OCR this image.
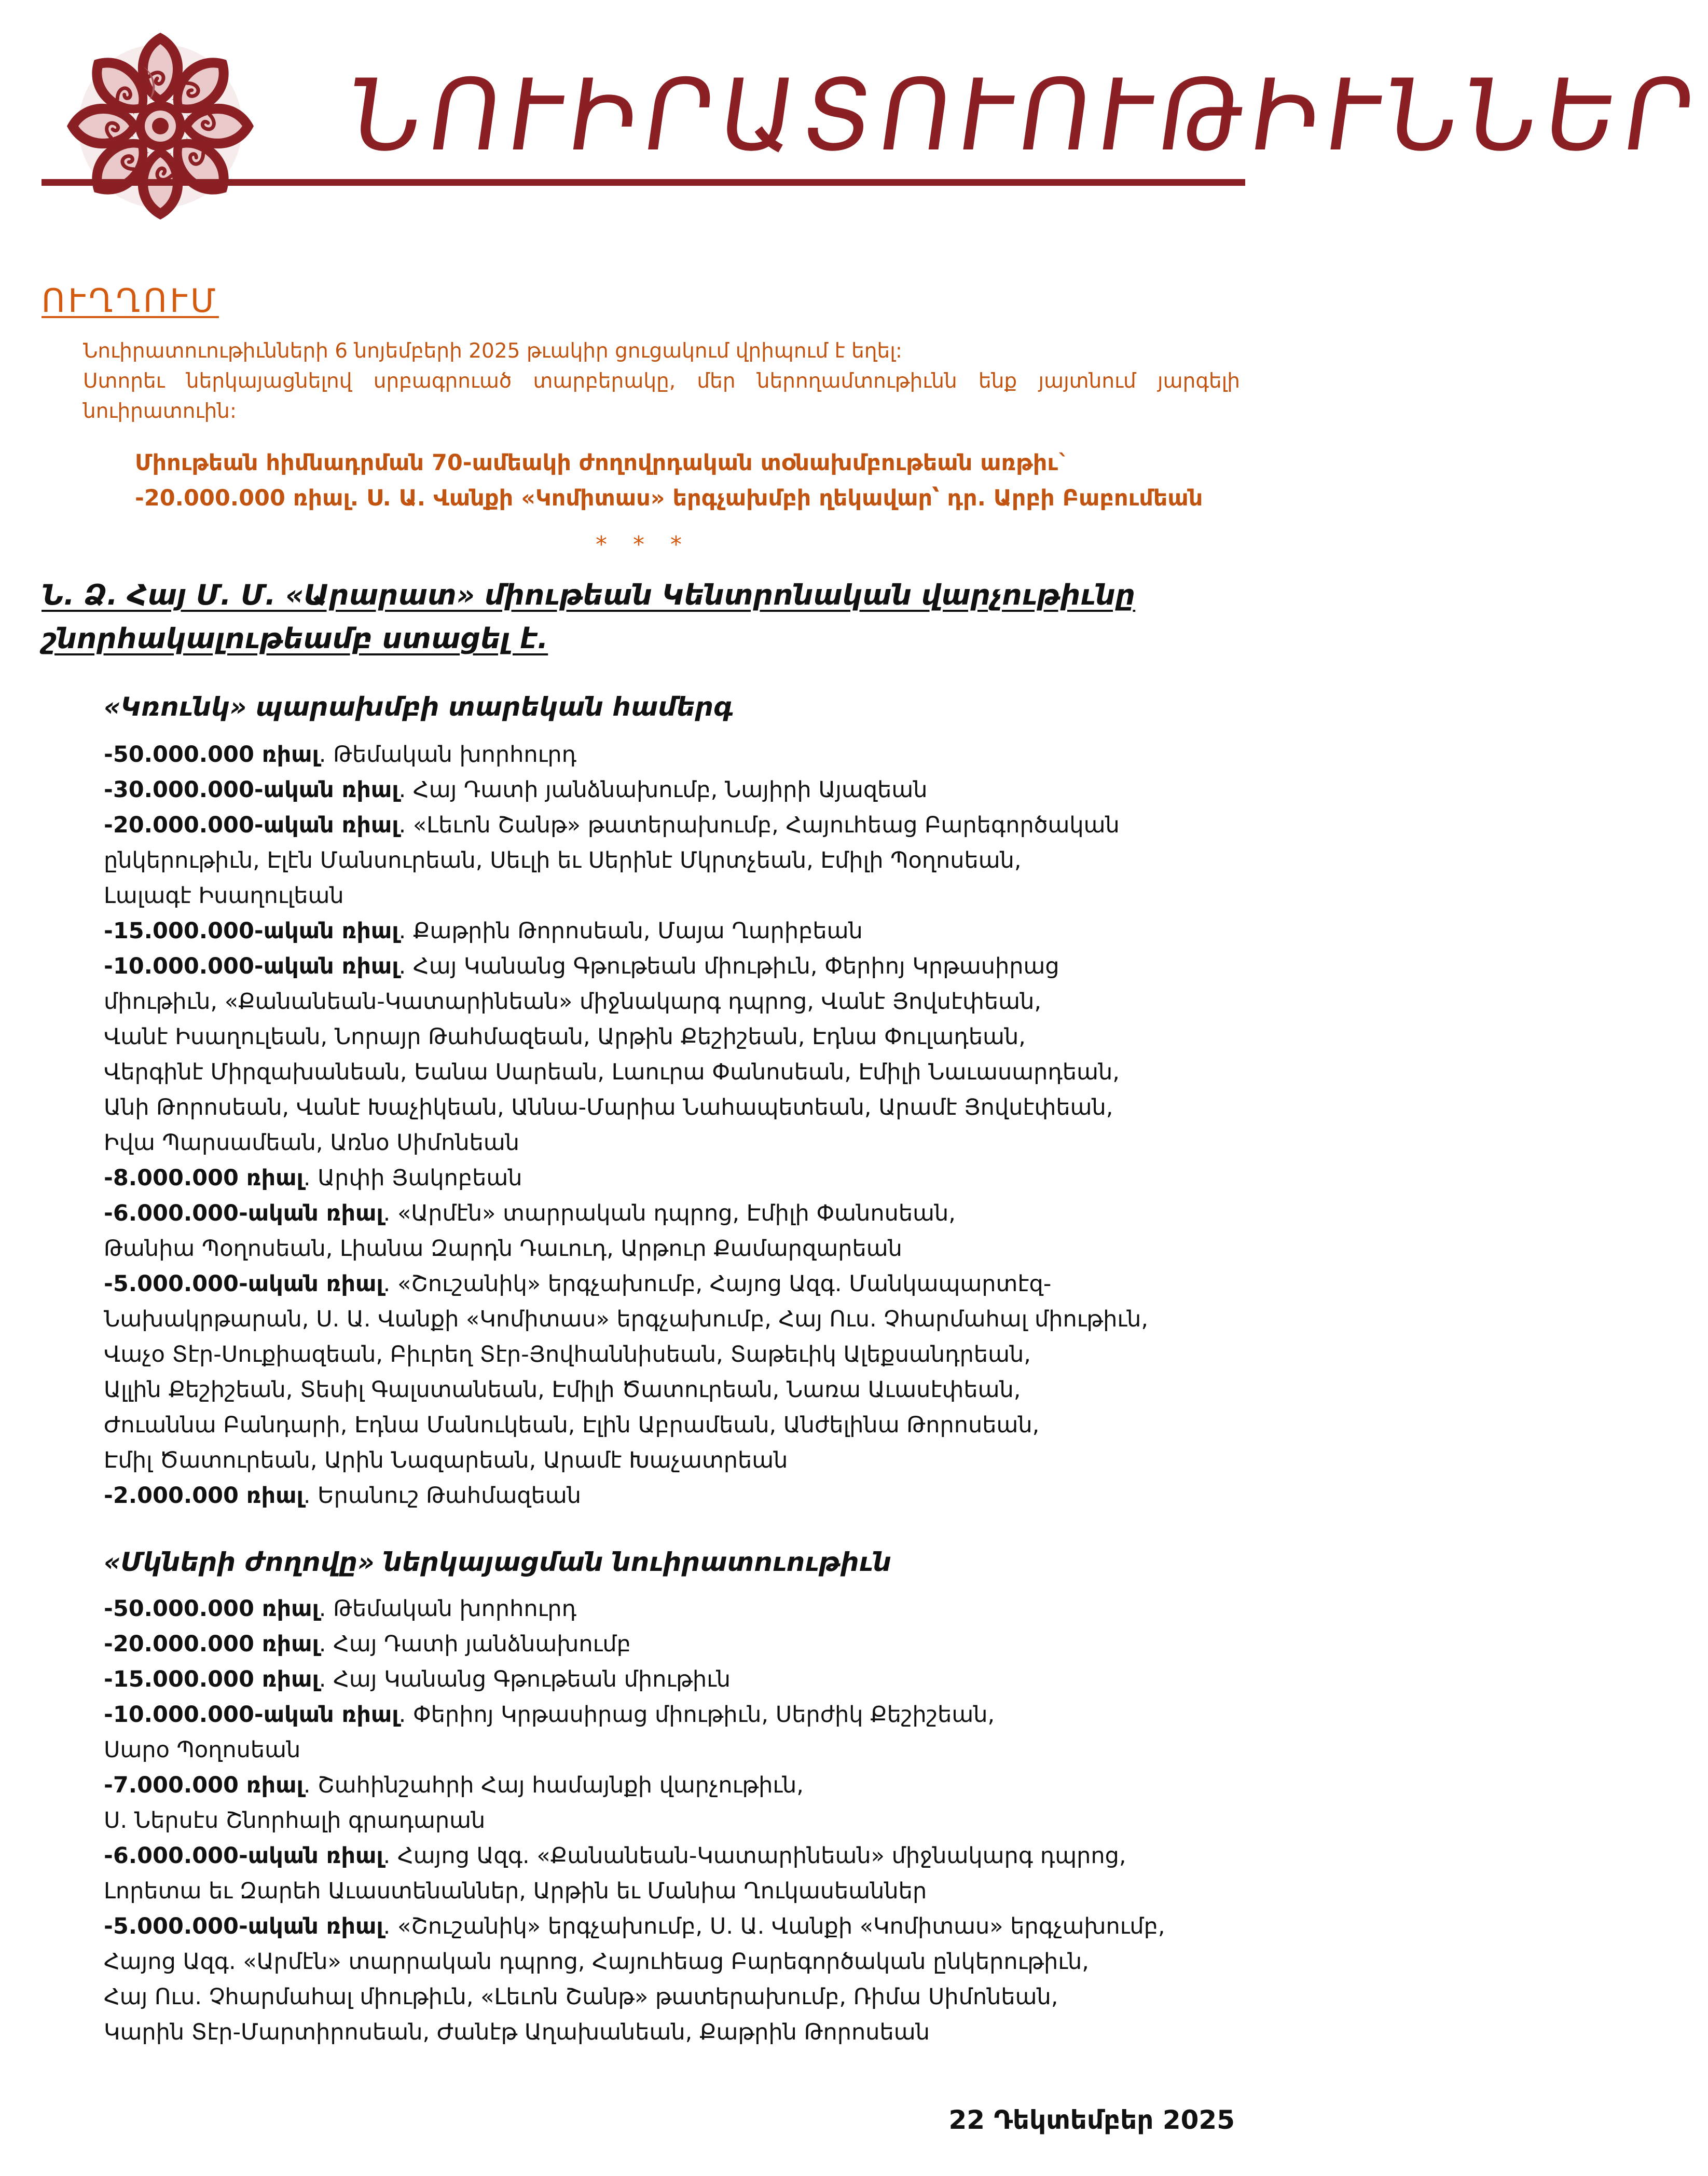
ՆՈՒԻՐԱՏՈՒՈՒԹԻՒՆՆԵՐ
ՈՒՂՂՈՒՄ

Նուիրատուութիւնների 6 նոյեմբերի 2025 թւակիր ցուցակում վրիպում է եղել:

Ստորեւ ներկայացնելով սրբագրուած տարբերակը, մեր ներողամտութիւնն ենք յայտնում յարգելի նուիրատուին:

Միութեան հիմնադրման 70-ամեակի ժողովրդական տօնախմբութեան առթիւ`

-20.000.000 ռիալ. Ս. Ա. Վանքի «Կոմիտաս» երգչախմբի ղեկավար՝ դր. Արբի Բաբումեան

* * *
Ն. Ձ. Հայ Մ. Մ. «Արարատ» միութեան Կենտրոնական վարչութիւնը
շնորհակալութեամբ ստացել է.
«Կռունկ» պարախմբի տարեկան համերգ

-50.000.000 ռիալ. Թեմական խորհուրդ

-30.000.000-ական ռիալ. Հայ Դատի յանձնախումբ, Նայիրի Այազեան

-20.000.000-ական ռիալ. «Լեւոն Շանթ» թատերախումբ, Հայուհեաց Բարեգործական
ընկերութիւն, Էլէն Մանսուրեան, Սեւլի եւ Սերինէ Մկրտչեան, Էմիլի Պօղոսեան,
Լալագէ Իսաղուլեան

-15.000.000-ական ռիալ. Քաթրին Թորոսեան, Մայա Ղարիբեան

-10.000.000-ական ռիալ. Հայ Կանանց Գթութեան միութիւն, Փերիոյ Կրթասիրաց
միութիւն, «Քանանեան-Կատարինեան» միջնակարգ դպրոց, Վանէ Յովսէփեան,
Վանէ Իսաղուլեան, Նորայր Թահմազեան, Արթին Քեշիշեան, Էդնա Փուլադեան,
Վերգինէ Միրզախանեան, Եանա Սարեան, Լաուրա Փանոսեան, Էմիլի Նաւասարդեան,
Անի Թորոսեան, Վանէ Խաչիկեան, Աննա-Մարիա Նահապետեան, Արամէ Յովսէփեան,
Իվա Պարսամեան, Առնօ Սիմոնեան

-8.000.000 ռիալ. Արփի Յակոբեան

-6.000.000-ական ռիալ. «Արմէն» տարրական դպրոց, Էմիլի Փանոսեան,
Թանիա Պօղոսեան, Լիանա Զարդն Դաւուդ, Արթուր Քամարզարեան

-5.000.000-ական ռիալ. «Շուշանիկ» երգչախումբ, Հայոց Ազգ. Մանկապարտէզ-
Նախակրթարան, Ս. Ա. Վանքի «Կոմիտաս» երգչախումբ, Հայ Ուս. Չհարմահալ միութիւն,
Վաչօ Տէր-Սուքիազեան, Բիւրեղ Տէր-Յովհաննիսեան, Տաթեւիկ Ալեքսանդրեան,
Ալլին Քեշիշեան, Տեսիլ Գալստանեան, Էմիլի Ծատուրեան, Նառա Աւասէփեան,
Ժուաննա Բանդարի, Էդնա Մանուկեան, Էլին Աբրամեան, Անժելինա Թորոսեան,
Էմիլ Ծատուրեան, Արին Նազարեան, Արամէ Խաչատրեան

-2.000.000 ռիալ. Երանուշ Թահմազեան

«Մկների ժողովը» ներկայացման նուիրատուութիւն

-50.000.000 ռիալ. Թեմական խորհուրդ

-20.000.000 ռիալ. Հայ Դատի յանձնախումբ

-15.000.000 ռիալ. Հայ Կանանց Գթութեան միութիւն

-10.000.000-ական ռիալ. Փերիոյ Կրթասիրաց միութիւն, Սերժիկ Քեշիշեան,
Սարօ Պօղոսեան

-7.000.000 ռիալ. Շահինշահրի Հայ համայնքի վարչութիւն,
Ս. Ներսէս Շնորհալի գրադարան

-6.000.000-ական ռիալ. Հայոց Ազգ. «Քանանեան-Կատարինեան» միջնակարգ դպրոց,
Լորետա եւ Զարեհ Աւաստենաններ, Արթին եւ Մանիա Ղուկասեաններ

-5.000.000-ական ռիալ. «Շուշանիկ» երգչախումբ, Ս. Ա. Վանքի «Կոմիտաս» երգչախումբ,
Հայոց Ազգ. «Արմէն» տարրական դպրոց, Հայուհեաց Բարեգործական ընկերութիւն,
Հայ Ուս. Չհարմահալ միութիւն, «Լեւոն Շանթ» թատերախումբ, Ռիմա Սիմոնեան,
Կարին Տէր-Մարտիրոսեան, Ժանէթ Աղախանեան, Քաթրին Թորոսեան

22 Դեկտեմբեր 2025
